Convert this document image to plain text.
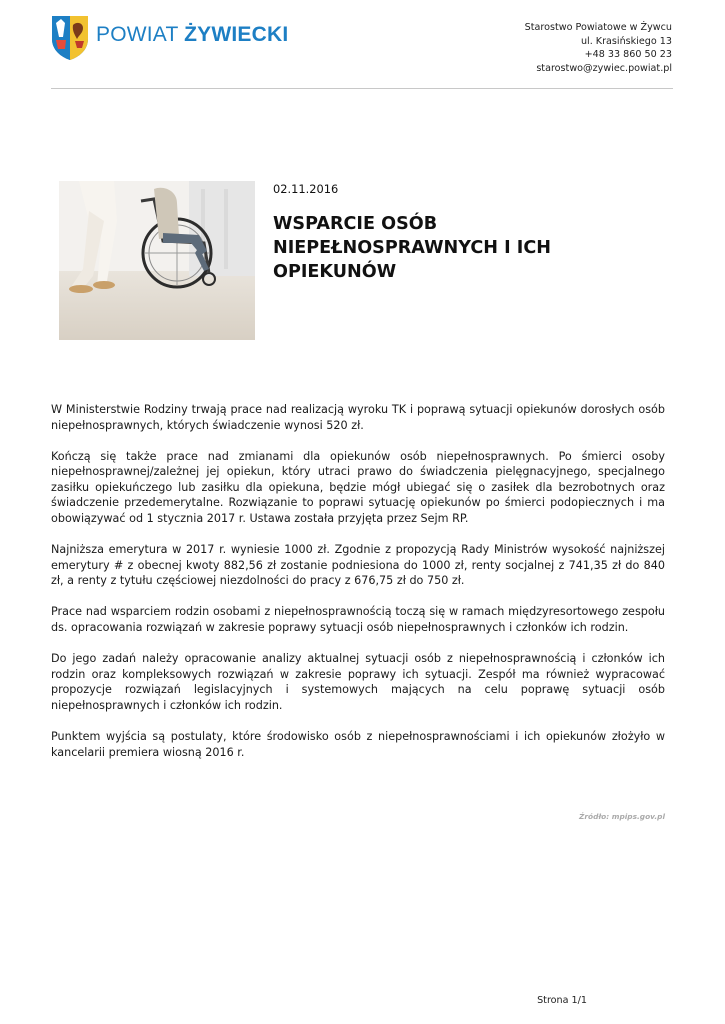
POWIAT ŻYWIECKI	Starostwo Powiatowe w Żywcu
ul. Krasińskiego 13
+48 33 860 50 23
starostwo@zywiec.powiat.pl
02.11.2016
WSPARCIE OSÓB NIEPEŁNOSPRAWNYCH I ICH OPIEKUNÓW

W Ministerstwie Rodziny trwają prace nad realizacją wyroku TK i poprawą sytuacji opiekunów dorosłych osób niepełnosprawnych, których świadczenie wynosi 520 zł.

Kończą się także prace nad zmianami dla opiekunów osób niepełnosprawnych. Po śmierci osoby niepełnosprawnej/zależnej jej opiekun, który utraci prawo do świadczenia pielęgnacyjnego, specjalnego zasiłku opiekuńczego lub zasiłku dla opiekuna, będzie mógł ubiegać się o zasiłek dla bezrobotnych oraz świadczenie przedemerytalne. Rozwiązanie to poprawi sytuację opiekunów po śmierci podopiecznych i ma obowiązywać od 1 stycznia 2017 r. Ustawa została przyjęta przez Sejm RP.

Najniższa emerytura w 2017 r. wyniesie 1000 zł. Zgodnie z propozycją Rady Ministrów wysokość najniższej emerytury # z obecnej kwoty 882,56 zł zostanie podniesiona do 1000 zł, renty socjalnej z 741,35 zł do 840 zł, a renty z tytułu częściowej niezdolności do pracy z 676,75 zł do 750 zł.

Prace nad wsparciem rodzin osobami z niepełnosprawnością toczą się w ramach międzyresortowego zespołu ds. opracowania rozwiązań w zakresie poprawy sytuacji osób niepełnosprawnych i członków ich rodzin.

Do jego zadań należy opracowanie analizy aktualnej sytuacji osób z niepełnosprawnością i członków ich rodzin oraz kompleksowych rozwiązań w zakresie poprawy ich sytuacji. Zespół ma również wypracować propozycje rozwiązań legislacyjnych i systemowych mających na celu poprawę sytuacji osób niepełnosprawnych i członków ich rodzin.

Punktem wyjścia są postulaty, które środowisko osób z niepełnosprawnościami i ich opiekunów złożyło w kancelarii premiera wiosną 2016 r.

Źródło: mpips.gov.pl
Strona 1/1
